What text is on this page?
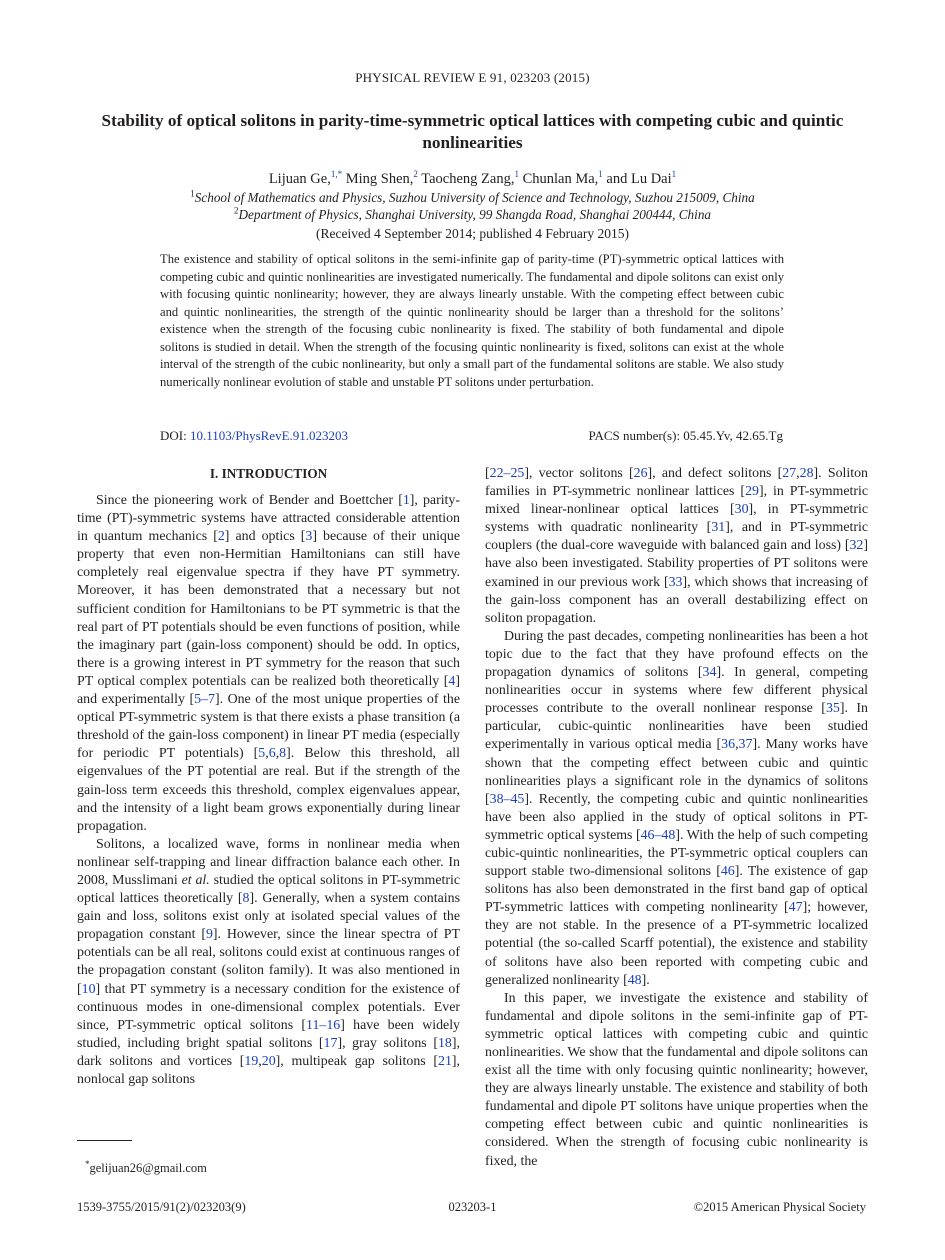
PHYSICAL REVIEW E 91, 023203 (2015)
Stability of optical solitons in parity-time-symmetric optical lattices with competing cubic and quintic nonlinearities
Lijuan Ge,$^{1,*}$ Ming Shen,$^2$ Taocheng Zang,$^1$ Chunlan Ma,$^1$ and Lu Dai$^1$
$^1$School of Mathematics and Physics, Suzhou University of Science and Technology, Suzhou 215009, China
$^2$Department of Physics, Shanghai University, 99 Shangda Road, Shanghai 200444, China
(Received 4 September 2014; published 4 February 2015)
The existence and stability of optical solitons in the semi-infinite gap of parity-time (PT)-symmetric optical lattices with competing cubic and quintic nonlinearities are investigated numerically. The fundamental and dipole solitons can exist only with focusing quintic nonlinearity; however, they are always linearly unstable. With the competing effect between cubic and quintic nonlinearities, the strength of the quintic nonlinearity should be larger than a threshold for the solitons’ existence when the strength of the focusing cubic nonlinearity is fixed. The stability of both fundamental and dipole solitons is studied in detail. When the strength of the focusing quintic nonlinearity is fixed, solitons can exist at the whole interval of the strength of the cubic nonlinearity, but only a small part of the fundamental solitons are stable. We also study numerically nonlinear evolution of stable and unstable PT solitons under perturbation.
DOI: 10.1103/PhysRevE.91.023203	PACS number(s): 05.45.Yv, 42.65.Tg
I. INTRODUCTION

Since the pioneering work of Bender and Boettcher [1], parity-time (PT)-symmetric systems have attracted considerable attention in quantum mechanics [2] and optics [3] because of their unique property that even non-Hermitian Hamiltonians can still have completely real eigenvalue spectra if they have PT symmetry. Moreover, it has been demonstrated that a necessary but not sufficient condition for Hamiltonians to be PT symmetric is that the real part of PT potentials should be even functions of position, while the imaginary part (gain-loss component) should be odd. In optics, there is a growing interest in PT symmetry for the reason that such PT optical complex potentials can be realized both theoretically [4] and experimentally [5–7]. One of the most unique properties of the optical PT-symmetric system is that there exists a phase transition (a threshold of the gain-loss component) in linear PT media (especially for periodic PT potentials) [5,6,8]. Below this threshold, all eigenvalues of the PT potential are real. But if the strength of the gain-loss term exceeds this threshold, complex eigenvalues appear, and the intensity of a light beam grows exponentially during linear propagation.

Solitons, a localized wave, forms in nonlinear media when nonlinear self-trapping and linear diffraction balance each other. In 2008, Musslimani et al. studied the optical solitons in PT-symmetric optical lattices theoretically [8]. Generally, when a system contains gain and loss, solitons exist only at isolated special values of the propagation constant [9]. However, since the linear spectra of PT potentials can be all real, solitons could exist at continuous ranges of the propagation constant (soliton family). It was also mentioned in [10] that PT symmetry is a necessary condition for the existence of continuous modes in one-dimensional complex potentials. Ever since, PT-symmetric optical solitons [11–16] have been widely studied, including bright spatial solitons [17], gray solitons [18], dark solitons and vortices [19,20], multipeak gap solitons [21], nonlocal gap solitons

[22–25], vector solitons [26], and defect solitons [27,28]. Soliton families in PT-symmetric nonlinear lattices [29], in PT-symmetric mixed linear-nonlinear optical lattices [30], in PT-symmetric systems with quadratic nonlinearity [31], and in PT-symmetric couplers (the dual-core waveguide with balanced gain and loss) [32] have also been investigated. Stability properties of PT solitons were examined in our previous work [33], which shows that increasing of the gain-loss component has an overall destabilizing effect on soliton propagation.

During the past decades, competing nonlinearities has been a hot topic due to the fact that they have profound effects on the propagation dynamics of solitons [34]. In general, competing nonlinearities occur in systems where few different physical processes contribute to the overall nonlinear response [35]. In particular, cubic-quintic nonlinearities have been studied experimentally in various optical media [36,37]. Many works have shown that the competing effect between cubic and quintic nonlinearities plays a significant role in the dynamics of solitons [38–45]. Recently, the competing cubic and quintic nonlinearities have been also applied in the study of optical solitons in PT-symmetric optical systems [46–48]. With the help of such competing cubic-quintic nonlinearities, the PT-symmetric optical couplers can support stable two-dimensional solitons [46]. The existence of gap solitons has also been demonstrated in the first band gap of optical PT-symmetric lattices with competing nonlinearity [47]; however, they are not stable. In the presence of a PT-symmetric localized potential (the so-called Scarff potential), the existence and stability of solitons have also been reported with competing cubic and generalized nonlinearity [48].

In this paper, we investigate the existence and stability of fundamental and dipole solitons in the semi-infinite gap of PT-symmetric optical lattices with competing cubic and quintic nonlinearities. We show that the fundamental and dipole solitons can exist all the time with only focusing quintic nonlinearity; however, they are always linearly unstable. The existence and stability of both fundamental and dipole PT solitons have unique properties when the competing effect between cubic and quintic nonlinearities is considered. When the strength of focusing cubic nonlinearity is fixed, the

*gelijuan26@gmail.com
1539-3755/2015/91(2)/023203(9)	023203-1	©2015 American Physical Society
